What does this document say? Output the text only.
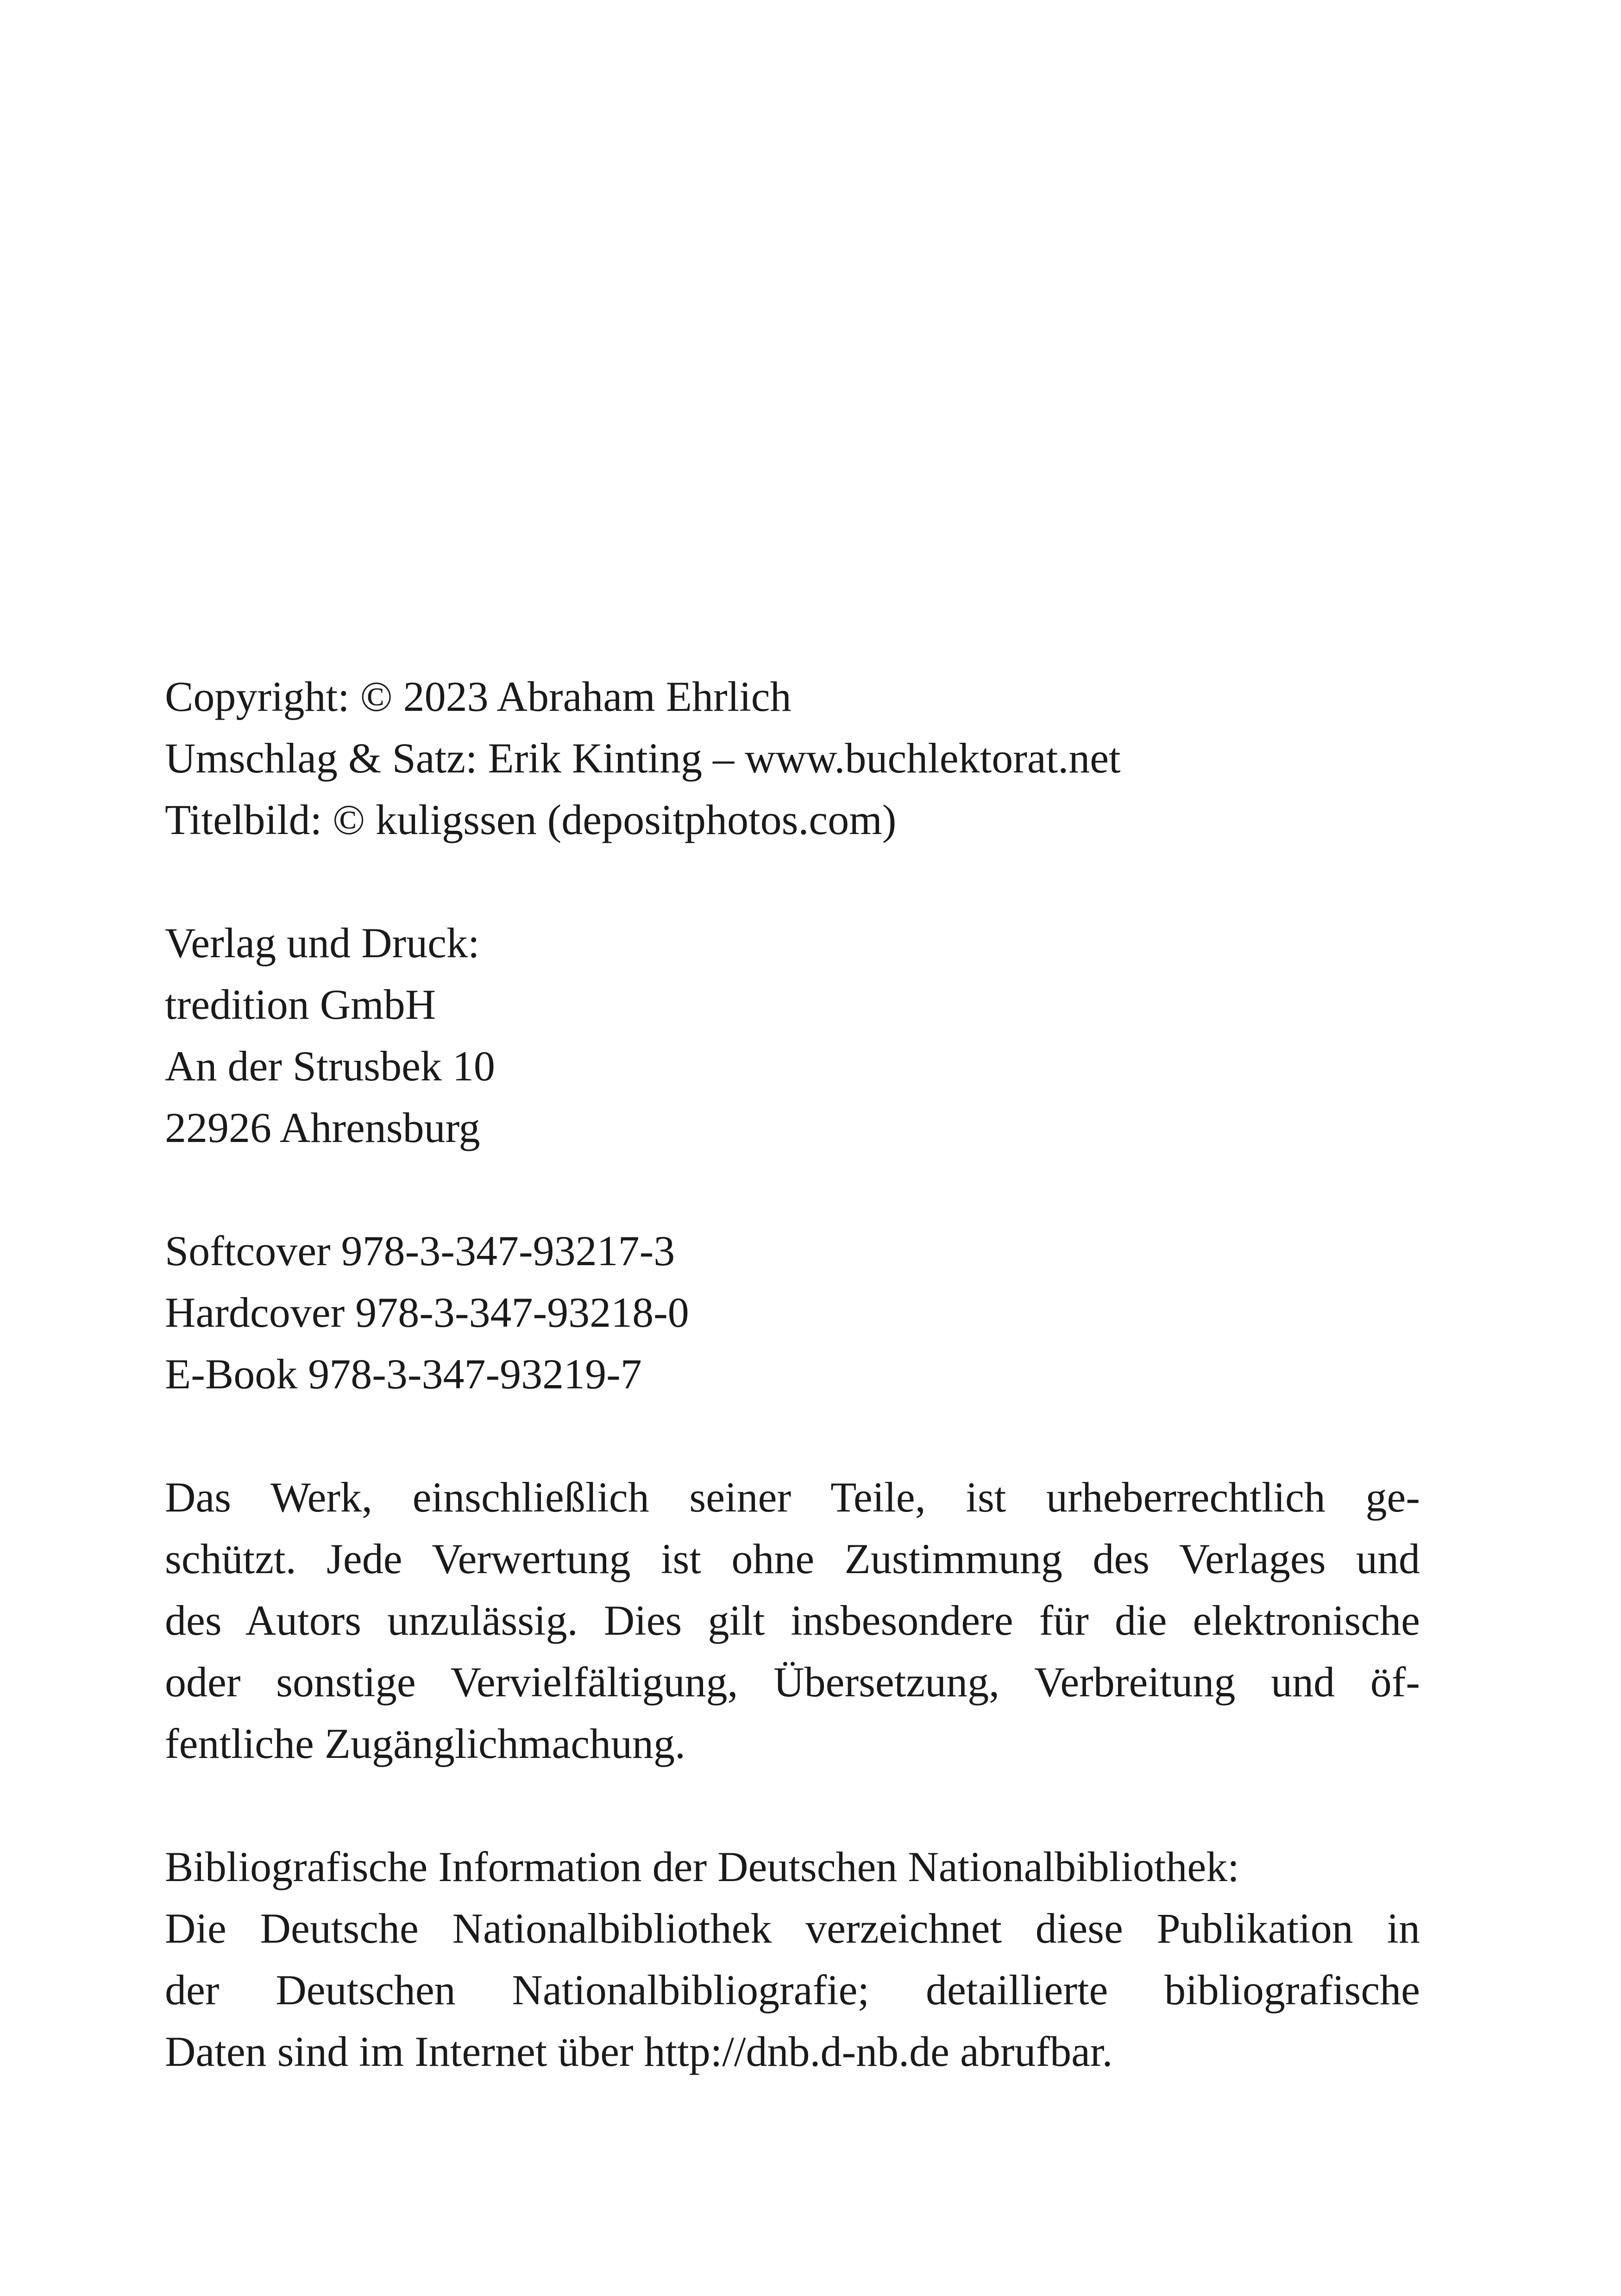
Copyright: © 2023 Abraham Ehrlich
Umschlag & Satz: Erik Kinting – www.buchlektorat.net
Titelbild: © kuligssen (depositphotos.com)
Verlag und Druck:
tredition GmbH
An der Strusbek 10
22926 Ahrensburg
Softcover 978-3-347-93217-3
Hardcover 978-3-347-93218-0
E-Book 978-3-347-93219-7
Das Werk, einschließlich seiner Teile, ist urheberrechtlich ge-
schützt. Jede Verwertung ist ohne Zustimmung des Verlages und
des Autors unzulässig. Dies gilt insbesondere für die elektronische
oder sonstige Vervielfältigung, Übersetzung, Verbreitung und öf-
fentliche Zugänglichmachung.
Bibliografische Information der Deutschen Nationalbibliothek:
Die Deutsche Nationalbibliothek verzeichnet diese Publikation in
der Deutschen Nationalbibliografie; detaillierte bibliografische
Daten sind im Internet über http://dnb.d-nb.de abrufbar.
